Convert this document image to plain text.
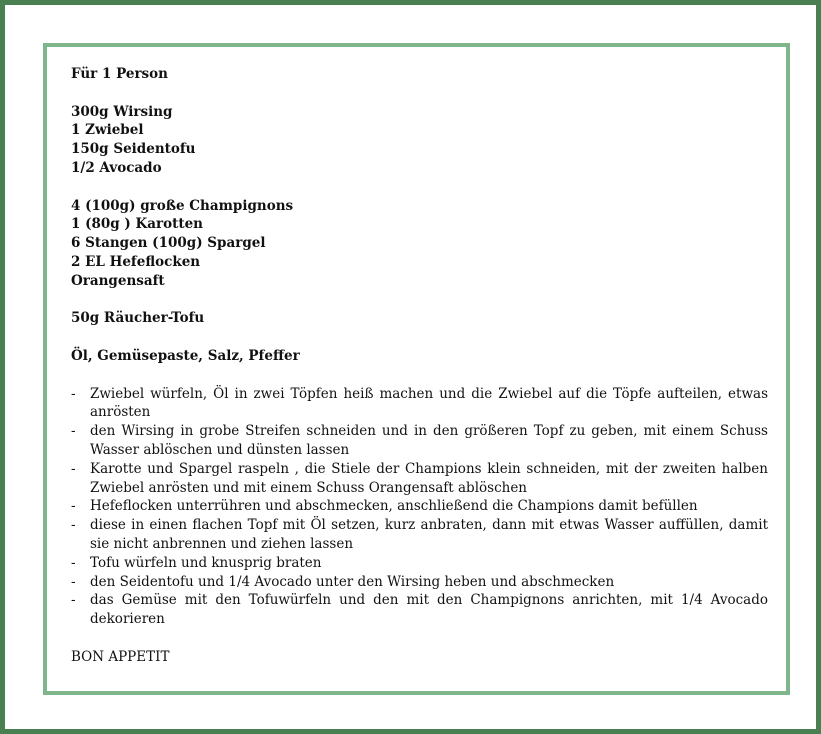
Für 1 Person
300g Wirsing
1 Zwiebel
150g Seidentofu
1/2 Avocado
4 (100g) große Champignons
1 (80g ) Karotten
6 Stangen (100g) Spargel
2 EL Hefeflocken
Orangensaft
50g Räucher-Tofu
Öl, Gemüsepaste, Salz, Pfeffer
- Zwiebel würfeln, Öl in zwei Töpfen heiß machen und die Zwiebel auf die Töpfe aufteilen, etwas anrösten
- den Wirsing in grobe Streifen schneiden und in den größeren Topf zu geben, mit einem Schuss Wasser ablöschen und dünsten lassen
- Karotte und Spargel raspeln , die Stiele der Champions klein schneiden, mit der zweiten halben Zwiebel anrösten und mit einem Schuss Orangensaft ablöschen
- Hefeflocken unterrühren und abschmecken, anschließend die Champions damit befüllen
- diese in einen flachen Topf mit Öl setzen, kurz anbraten, dann mit etwas Wasser auffüllen, damit sie nicht anbrennen und ziehen lassen
- Tofu würfeln und knusprig braten
- den Seidentofu und 1/4 Avocado unter den Wirsing heben und abschmecken
- das Gemüse mit den Tofuwürfeln und den mit den Champignons anrichten, mit 1/4 Avocado dekorieren
BON APPETIT
